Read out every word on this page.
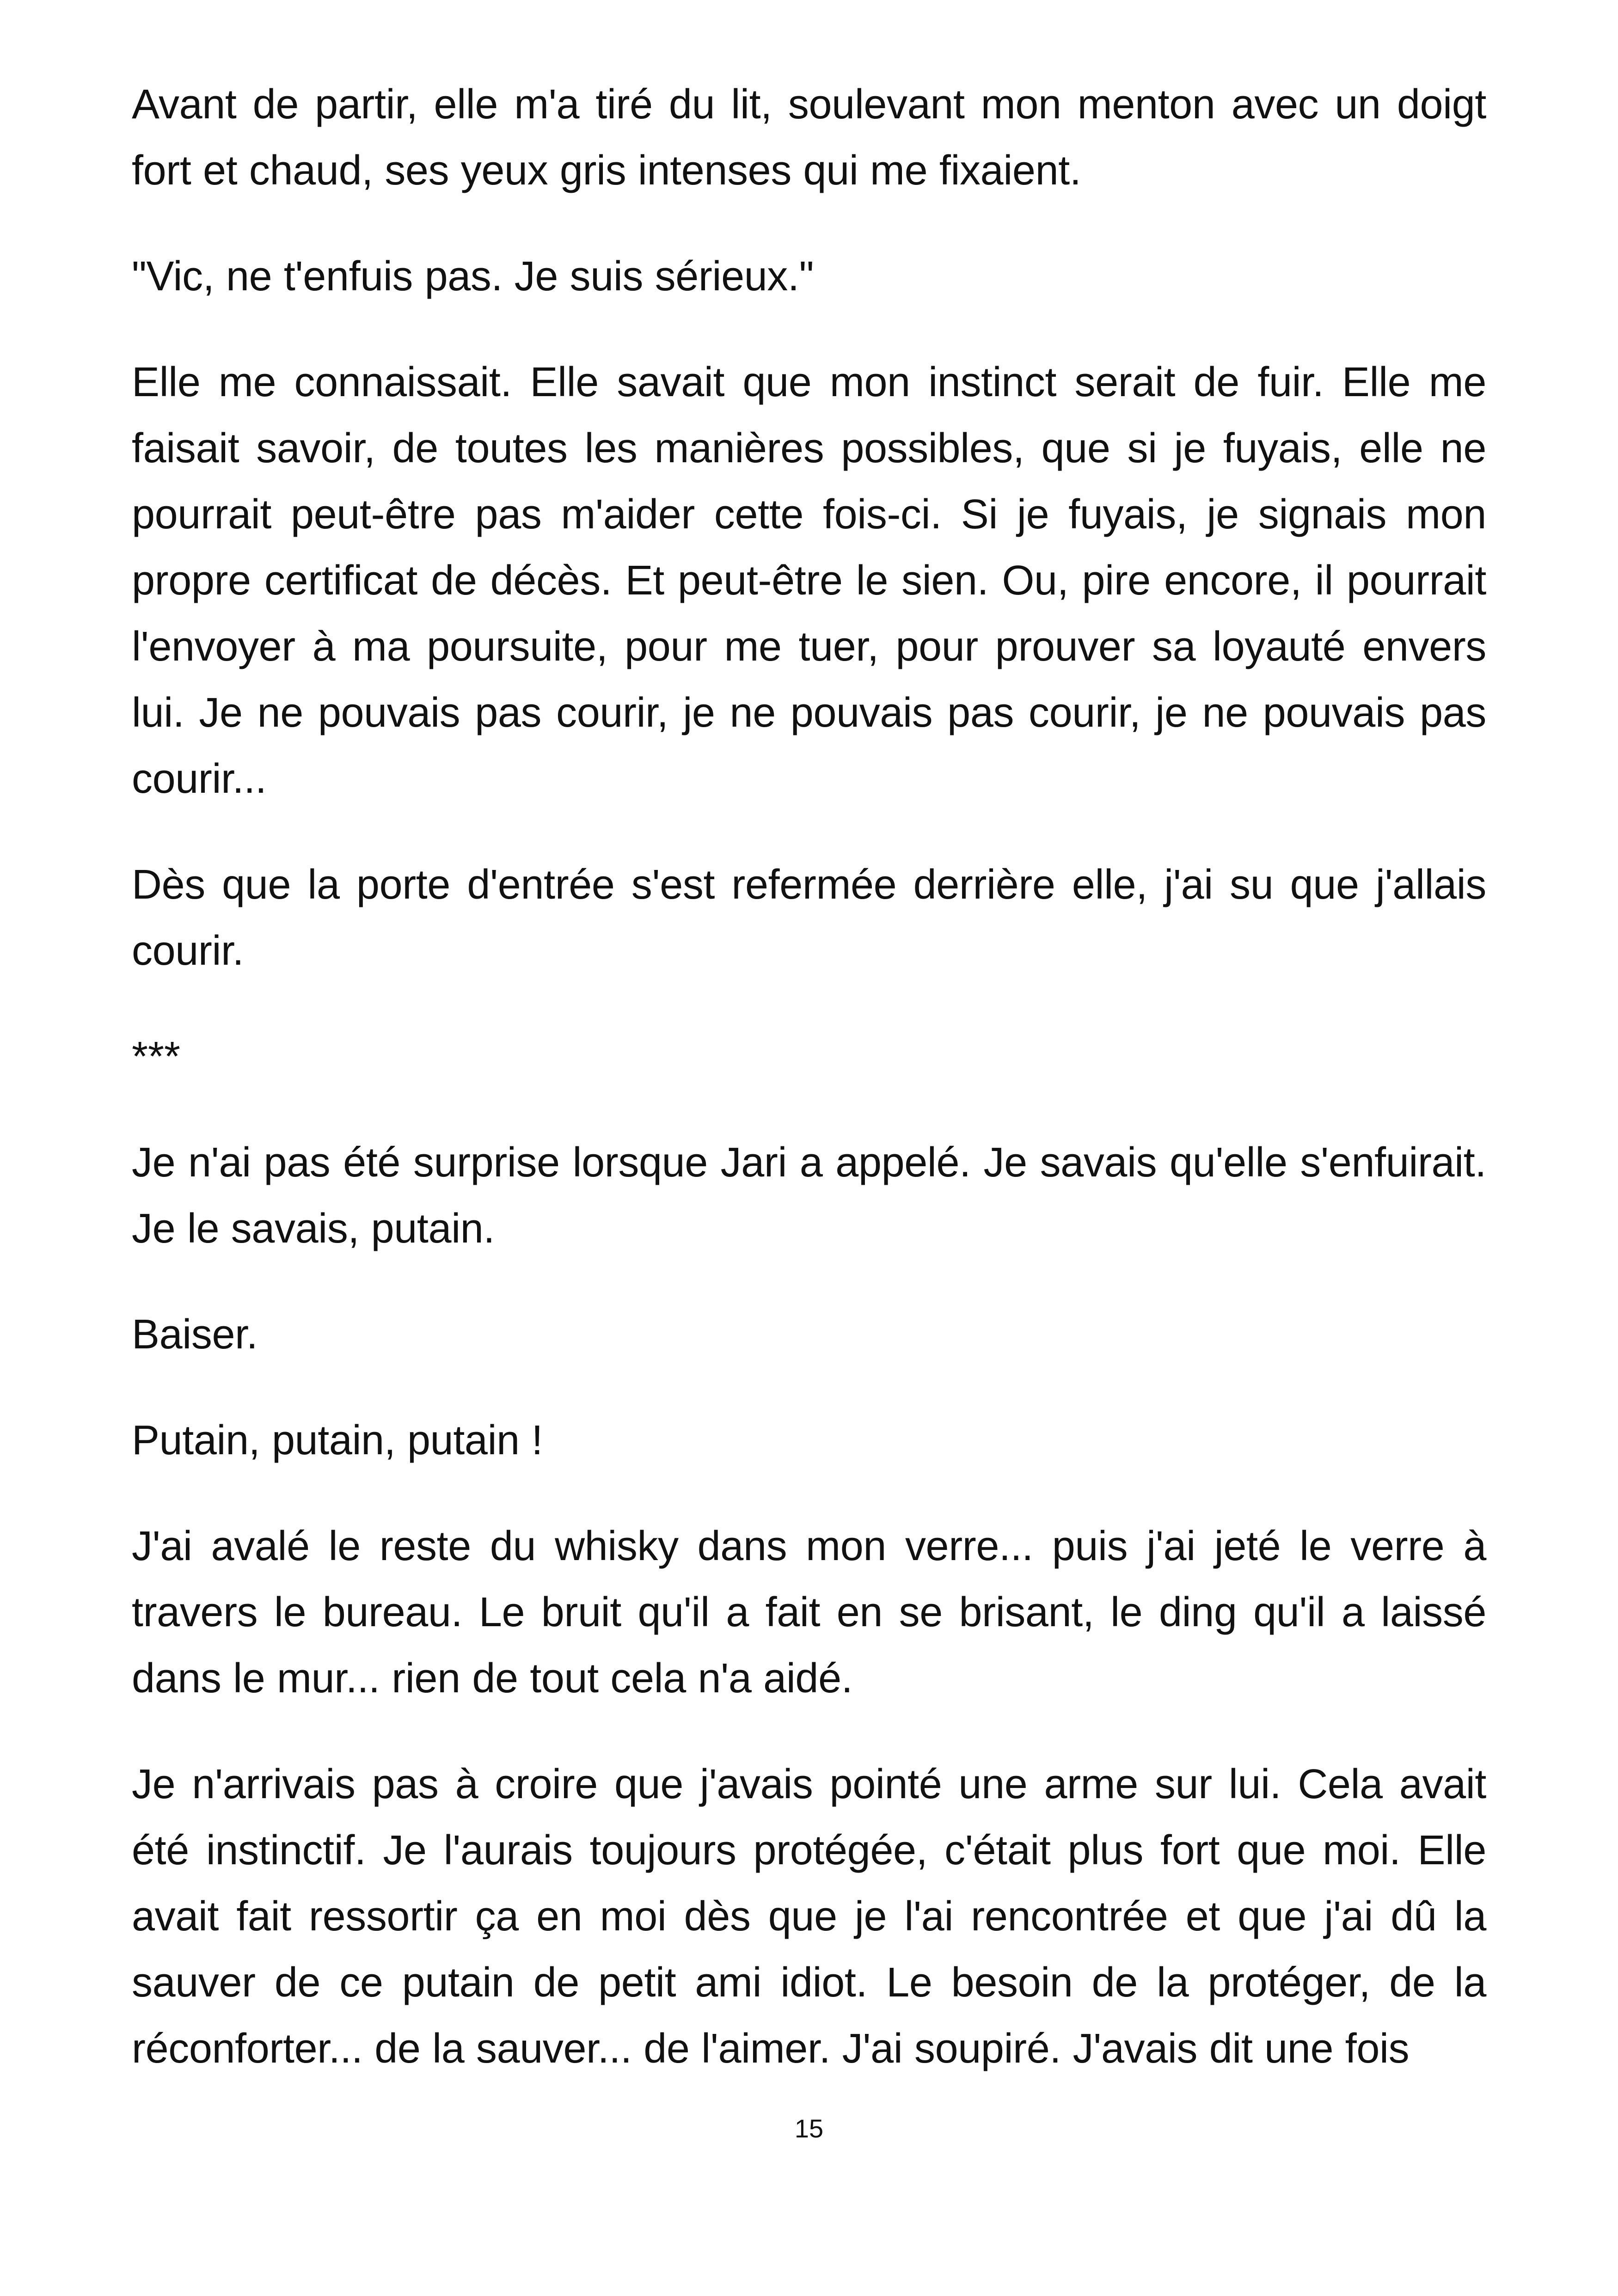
Avant de partir, elle m'a tiré du lit, soulevant mon menton avec un doigt fort et chaud, ses yeux gris intenses qui me fixaient.

"Vic, ne t'enfuis pas. Je suis sérieux."

Elle me connaissait. Elle savait que mon instinct serait de fuir. Elle me faisait savoir, de toutes les manières possibles, que si je fuyais, elle ne pourrait peut-être pas m'aider cette fois-ci. Si je fuyais, je signais mon propre certificat de décès. Et peut-être le sien. Ou, pire encore, il pourrait l'envoyer à ma poursuite, pour me tuer, pour prouver sa loyauté envers lui. Je ne pouvais pas courir, je ne pouvais pas courir, je ne pouvais pas courir...

Dès que la porte d'entrée s'est refermée derrière elle, j'ai su que j'allais courir.

***

Je n'ai pas été surprise lorsque Jari a appelé. Je savais qu'elle s'enfuirait. Je le savais, putain.

Baiser.

Putain, putain, putain !

J'ai avalé le reste du whisky dans mon verre... puis j'ai jeté le verre à travers le bureau. Le bruit qu'il a fait en se brisant, le ding qu'il a laissé dans le mur... rien de tout cela n'a aidé.

Je n'arrivais pas à croire que j'avais pointé une arme sur lui. Cela avait été instinctif. Je l'aurais toujours protégée, c'était plus fort que moi. Elle avait fait ressortir ça en moi dès que je l'ai rencontrée et que j'ai dû la sauver de ce putain de petit ami idiot. Le besoin de la protéger, de la réconforter... de la sauver... de l'aimer. J'ai soupiré. J'avais dit une fois

15
